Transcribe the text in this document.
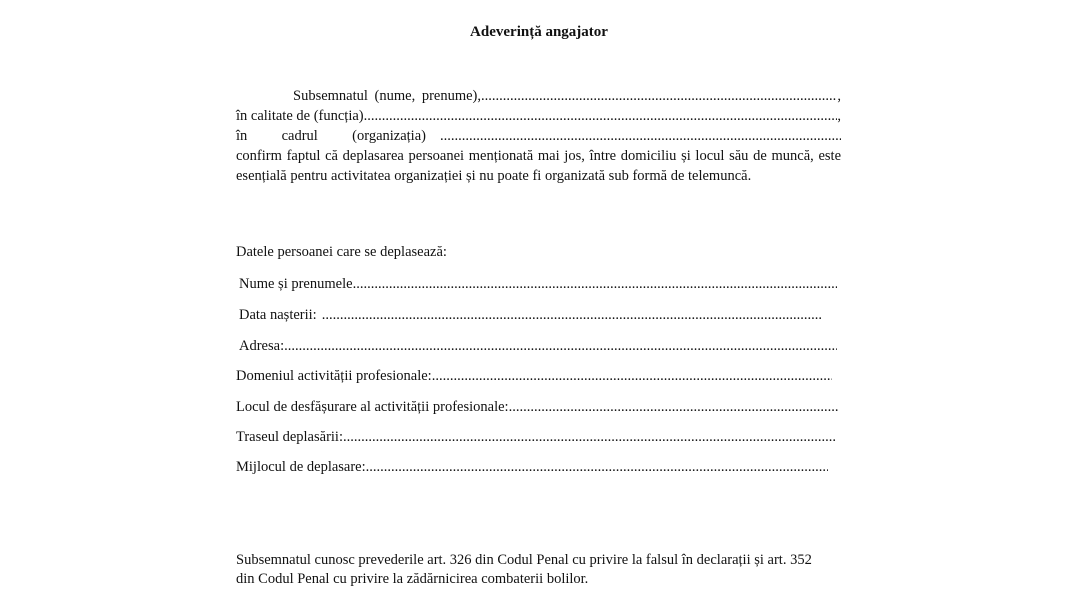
Adeverință angajator
Subsemnatul (nume, prenume), .....	,
în calitate de (funcția) .....	,
în cadrul (organizația)
.....
confirm faptul că deplasarea persoanei menționată mai jos, între domiciliu și locul său de muncă, este esențială pentru activitatea organizației și nu poate fi organizată sub formă de telemuncă.
Datele persoanei care se deplasează:
Nume și prenumele
.....
Data nașterii:
.....
Adresa:
.....
Domeniul activității profesionale:
.....
Locul de desfășurare al activității profesionale:
.....
Traseul deplasării:
.....
Mijlocul de deplasare:
.....
Subsemnatul cunosc prevederile art. 326 din Codul Penal cu privire la falsul în declarații și art. 352 din Codul Penal cu privire la zădărnicirea combaterii bolilor.
